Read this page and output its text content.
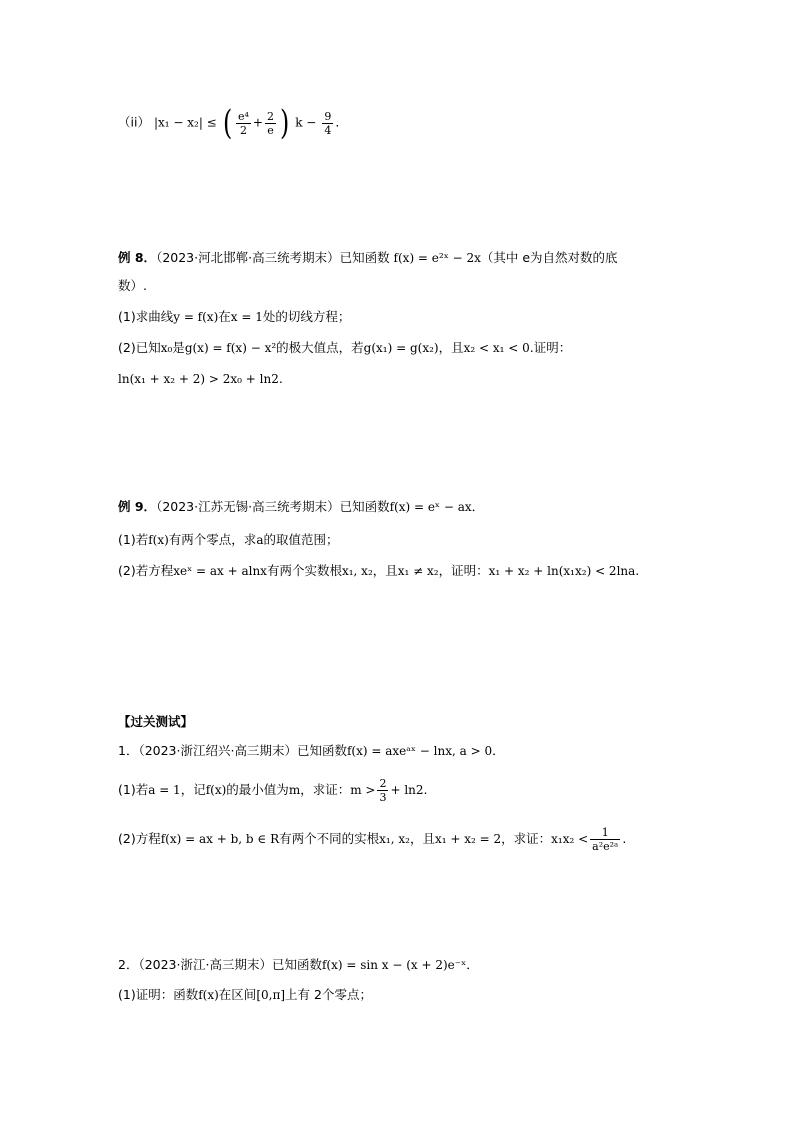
（ii） |x₁ − x₂| ≤ ( $\frac{\text{e⁴}}{2} + \frac{2}{e}$ ) $k - \frac{9}{4}$ .
例 8．（2023·河北邯郸·高三统考期末）已知函数 f(x) = e²ˣ − 2x（其中 e为自然对数的底
数）.
(1)求曲线y = f(x)在x = 1处的切线方程；
(2)已知x₀是g(x) = f(x) − x²的极大值点，若g(x₁) = g(x₂)，且x₂ < x₁ < 0.证明：
ln(x₁ + x₂ + 2) > 2x₀ + ln2.
例 9．（2023·江苏无锡·高三统考期末）已知函数f(x) = eˣ − ax．
(1)若f(x)有两个零点，求a的取值范围；
(2)若方程xeˣ = ax + alnx有两个实数根x₁, x₂，且x₁ ≠ x₂，证明：x₁ + x₂ + ln(x₁x₂) < 2lna.
【过关测试】
1．（2023·浙江绍兴·高三期末）已知函数f(x) = axeᵃˣ − lnx, a > 0．
(1)若a = 1，记f(x)的最小值为m，求证：$m > \frac{2}{3} + \ln 2$.
(2)方程f(x) = ax + b, b ∈ R有两个不同的实根x₁, x₂，且x₁ + x₂ = 2，求证：$x_1x_2 < \frac{1}{\text{a²e²ᵃ}}$ .
2．（2023·浙江·高三期末）已知函数f(x) = sin x − (x + 2)e⁻ˣ．
(1)证明：函数f(x)在区间[0,π]上有 2个零点；
